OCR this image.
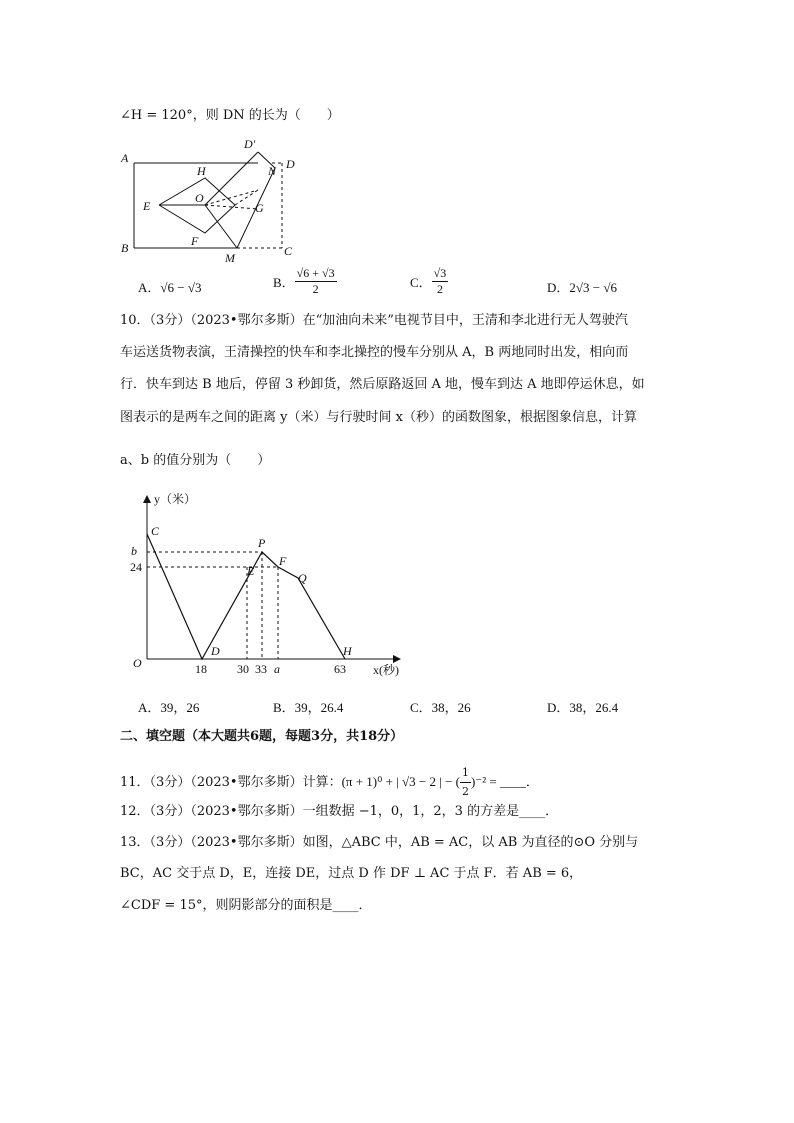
∠H = 120°，则 DN 的长为（　　）
A
D′
D
H	N
E
O
G
B	F
M	C
A．√6 − √3	B． $\frac{√6 + √3}{2}$	C． $\frac{√3}{2}$	D．2√3 − √6
10．（3分）（2023•鄂尔多斯）在“加油向未来”电视节目中，王清和李北进行无人驾驶汽
车运送货物表演，王清操控的快车和李北操控的慢车分别从 A，B 两地同时出发，相向而
行．快车到达 B 地后，停留 3 秒卸货，然后原路返回 A 地，慢车到达 A 地即停运休息，如
图表示的是两车之间的距离 y（米）与行驶时间 x（秒）的函数图象，根据图象信息，计算
a、b 的值分别为（　　）
y（米）
C
P
E
F
Q
D	H
O
b
24
18	30 33 a	63 x(秒)
A．39，26	B．39，26.4	C．38，26	D．38，26.4
二、填空题（本大题共6题，每题3分，共18分）
11．（3分）（2023•鄂尔多斯）计算：(π + 1)⁰ + | √3 − 2 | − ( $\frac{1}{2} )^{-2}$ = ____．
12．（3分）（2023•鄂尔多斯）一组数据 −1，0，1，2，3 的方差是____．
13．（3分）（2023•鄂尔多斯）如图，△ABC 中，AB = AC，以 AB 为直径的⊙O 分别与
BC，AC 交于点 D，E，连接 DE，过点 D 作 DF ⊥ AC 于点 F．若 AB = 6，
∠CDF = 15°，则阴影部分的面积是____．
